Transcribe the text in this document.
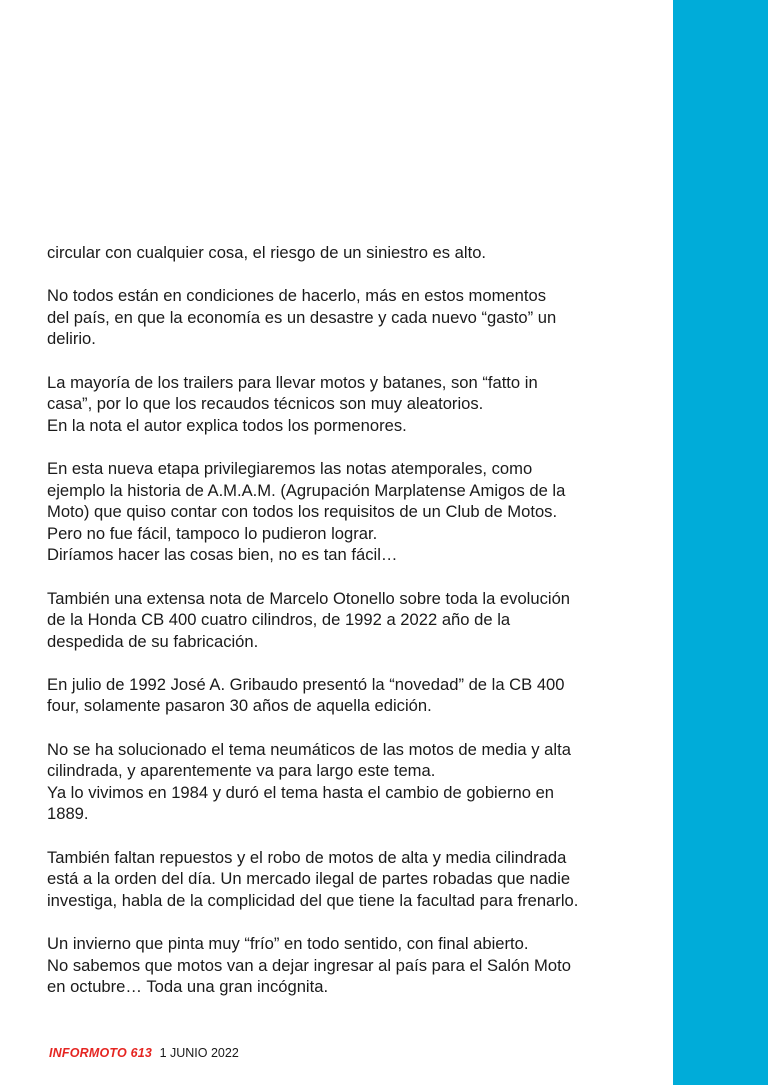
circular con cualquier cosa, el riesgo de un siniestro es alto.

No todos están en condiciones de hacerlo, más en estos momentos
del país, en que la economía es un desastre y cada nuevo “gasto” un
delirio.

La mayoría de los trailers para llevar motos y batanes, son “fatto in
casa”, por lo que los recaudos técnicos son muy aleatorios.
En la nota el autor explica todos los pormenores.

En esta nueva etapa privilegiaremos las notas atemporales, como
ejemplo la historia de A.M.A.M. (Agrupación Marplatense Amigos de la
Moto) que quiso contar con todos los requisitos de un Club de Motos.
Pero no fue fácil, tampoco lo pudieron lograr.
Diríamos hacer las cosas bien, no es tan fácil…

También una extensa nota de Marcelo Otonello sobre toda la evolución
de la Honda CB 400 cuatro cilindros, de 1992 a 2022 año de la
despedida de su fabricación.

En julio de 1992 José A. Gribaudo presentó la “novedad” de la CB 400
four, solamente pasaron 30 años de aquella edición.

No se ha solucionado el tema neumáticos de las motos de media y alta
cilindrada, y aparentemente va para largo este tema.
Ya lo vivimos en 1984 y duró el tema hasta el cambio de gobierno en
1889.

También faltan repuestos y el robo de motos de alta y media cilindrada
está a la orden del día. Un mercado ilegal de partes robadas que nadie
investiga, habla de la complicidad del que tiene la facultad para frenarlo.

Un invierno que pinta muy “frío” en todo sentido, con final abierto.
No sabemos que motos van a dejar ingresar al país para el Salón Moto
en octubre… Toda una gran incógnita.

INFORMOTO 613 1 JUNIO 2022
